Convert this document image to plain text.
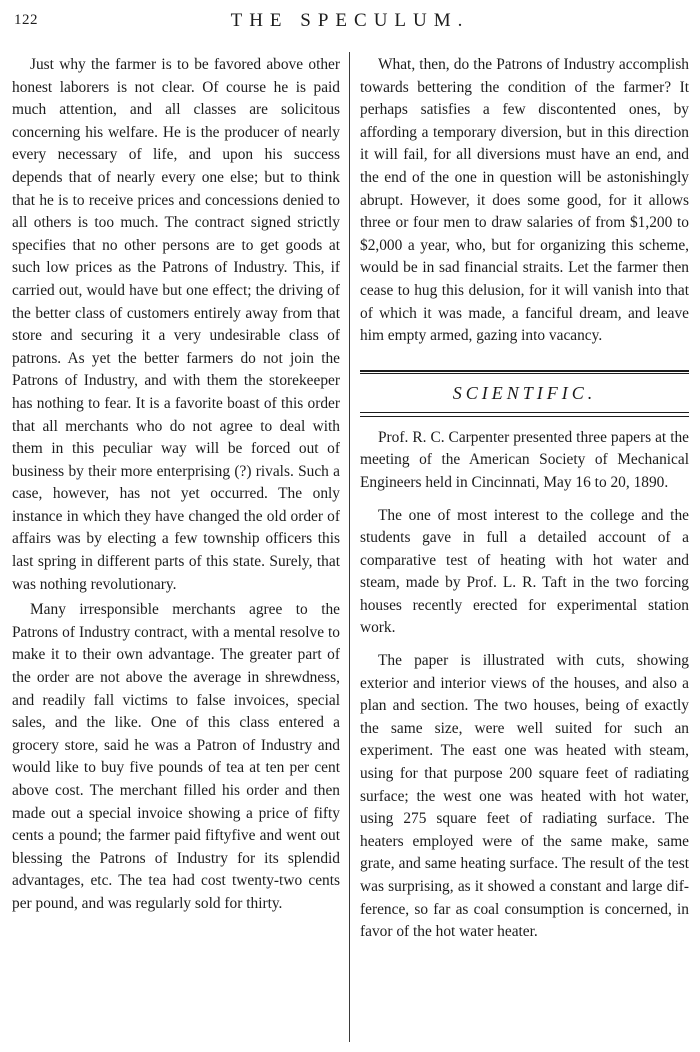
122	THE SPECULUM.

Just why the farmer is to be favored above other honest laborers is not clear. Of course he is paid much attention, and all classes are solicitous concerning his welfare. He is the producer of nearly every necessary of life, and upon his success depends that of nearly every one else; but to think that he is to receive prices and concessions denied to all others is too much. The contract signed strictly specifies that no other persons are to get goods at such low prices as the Patrons of Industry. This, if carried out, would have but one effect; the driving of the better class of customers entirely away from that store and securing it a very undesirable class of patrons. As yet the better farmers do not join the Patrons of Industry, and with them the storekeeper has nothing to fear. It is a favorite boast of this order that all merchants who do not agree to deal with them in this peculiar way will be forced out of business by their more enterprising (?) rivals. Such a case, however, has not yet occurred. The only instance in which they have changed the old order of affairs was by electing a few township officers this last spring in different parts of this state. Surely, that was nothing revolutionary.

Many irresponsible merchants agree to the Patrons of Industry contract, with a mental resolve to make it to their own advantage. The greater part of the order are not above the average in shrewdness, and readily fall victims to false invoices, special sales, and the like. One of this class entered a grocery store, said he was a Patron of Industry and would like to buy five pounds of tea at ten per cent above cost. The merchant filled his order and then made out a special invoice showing a price of fifty cents a pound; the farmer paid fiftyfive and went out blessing the Patrons of Industry for its splendid advantages, etc. The tea had cost twenty-two cents per pound, and was regularly sold for thirty.

What, then, do the Patrons of Industry accomplish towards bettering the condition of the farmer? It perhaps satisfies a few discontented ones, by affording a temporary diversion, but in this direction it will fail, for all diversions must have an end, and the end of the one in question will be astonishingly abrupt. However, it does some good, for it allows three or four men to draw salaries of from $1,200 to $2,000 a year, who, but for organizing this scheme, would be in sad financial straits. Let the farmer then cease to hug this delusion, for it will vanish into that of which it was made, a fanciful dream, and leave him empty armed, gazing into vacancy.

SCIENTIFIC.

Prof. R. C. Carpenter presented three papers at the meeting of the American Society of Mechanical Engineers held in Cincinnati, May 16 to 20, 1890.

The one of most interest to the college and the students gave in full a detailed account of a comparative test of heating with hot water and steam, made by Prof. L. R. Taft in the two forcing houses recently erected for experimental station work.

The paper is illustrated with cuts, showing exterior and interior views of the houses, and also a plan and section. The two houses, being of exactly the same size, were well suited for such an experiment. The east one was heated with steam, using for that purpose 200 square feet of radiating surface; the west one was heated with hot water, using 275 square feet of radiating surface. The heaters employed were of the same make, same grate, and same heating surface. The result of the test was surprising, as it showed a constant and large difference, so far as coal consumption is concerned, in favor of the hot water heater.
